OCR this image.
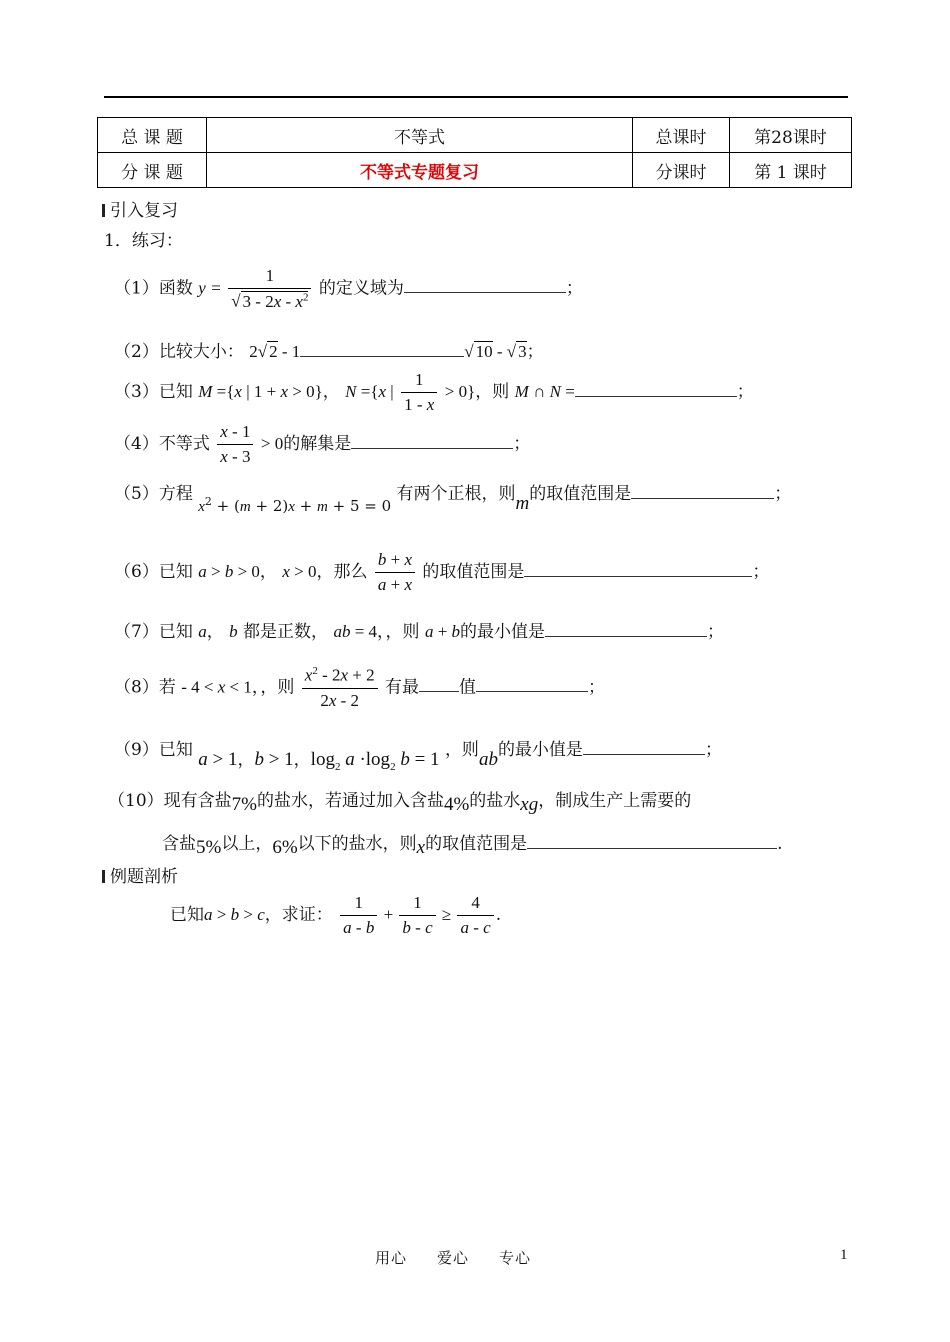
总 课 题	不等式	总课时	第28课时
分 课 题	不等式专题复习	分课时	第 1 课时
引入复习
1．练习：
（1）函数 $y = \frac{1}{√ 3 - 2x - x^2}$ 的定义域为	；
（2）比较大小： 2√ 2 - 1	√ 10 - √ 3；
（3）已知 M ={x | 1 + x > 0}， N ={x | $\frac{1}{1 - x} > 0$}，则 M ∩ N =	；
（4）不等式 $\frac{x - 1}{x - 3} > 0$的解集是	；
（5）方程 $x^2 + (m + 2)x + m + 5 = 0$ 有两个正根，则m的取值范围是	；
（6）已知 a > b > 0， x > 0，那么 $\frac{b + x}{a + x}$ 的取值范围是	；
（7）已知 a， b 都是正数， ab = 4，，则 a + b的最小值是	；
（8）若 - 4 < x < 1，，则 $\frac{x^2 - 2x + 2}{2x - 2}$ 有最 值	；
（9）已知 a > 1，b > 1，$\log_2 a \cdot\log_2$ b = 1 ，则ab的最小值是	；
（10）现有含盐7%的盐水，若通过加入含盐4%的盐水xg，制成生产上需要的
含盐5%以上，6%以下的盐水，则x的取值范围是	.
例题剖析
已知a > b > c，求证： $\frac{1}{a - b} + \frac{1}{b - c} \ge \frac{4}{a - c}$ .
用心 爱心 专心	1
